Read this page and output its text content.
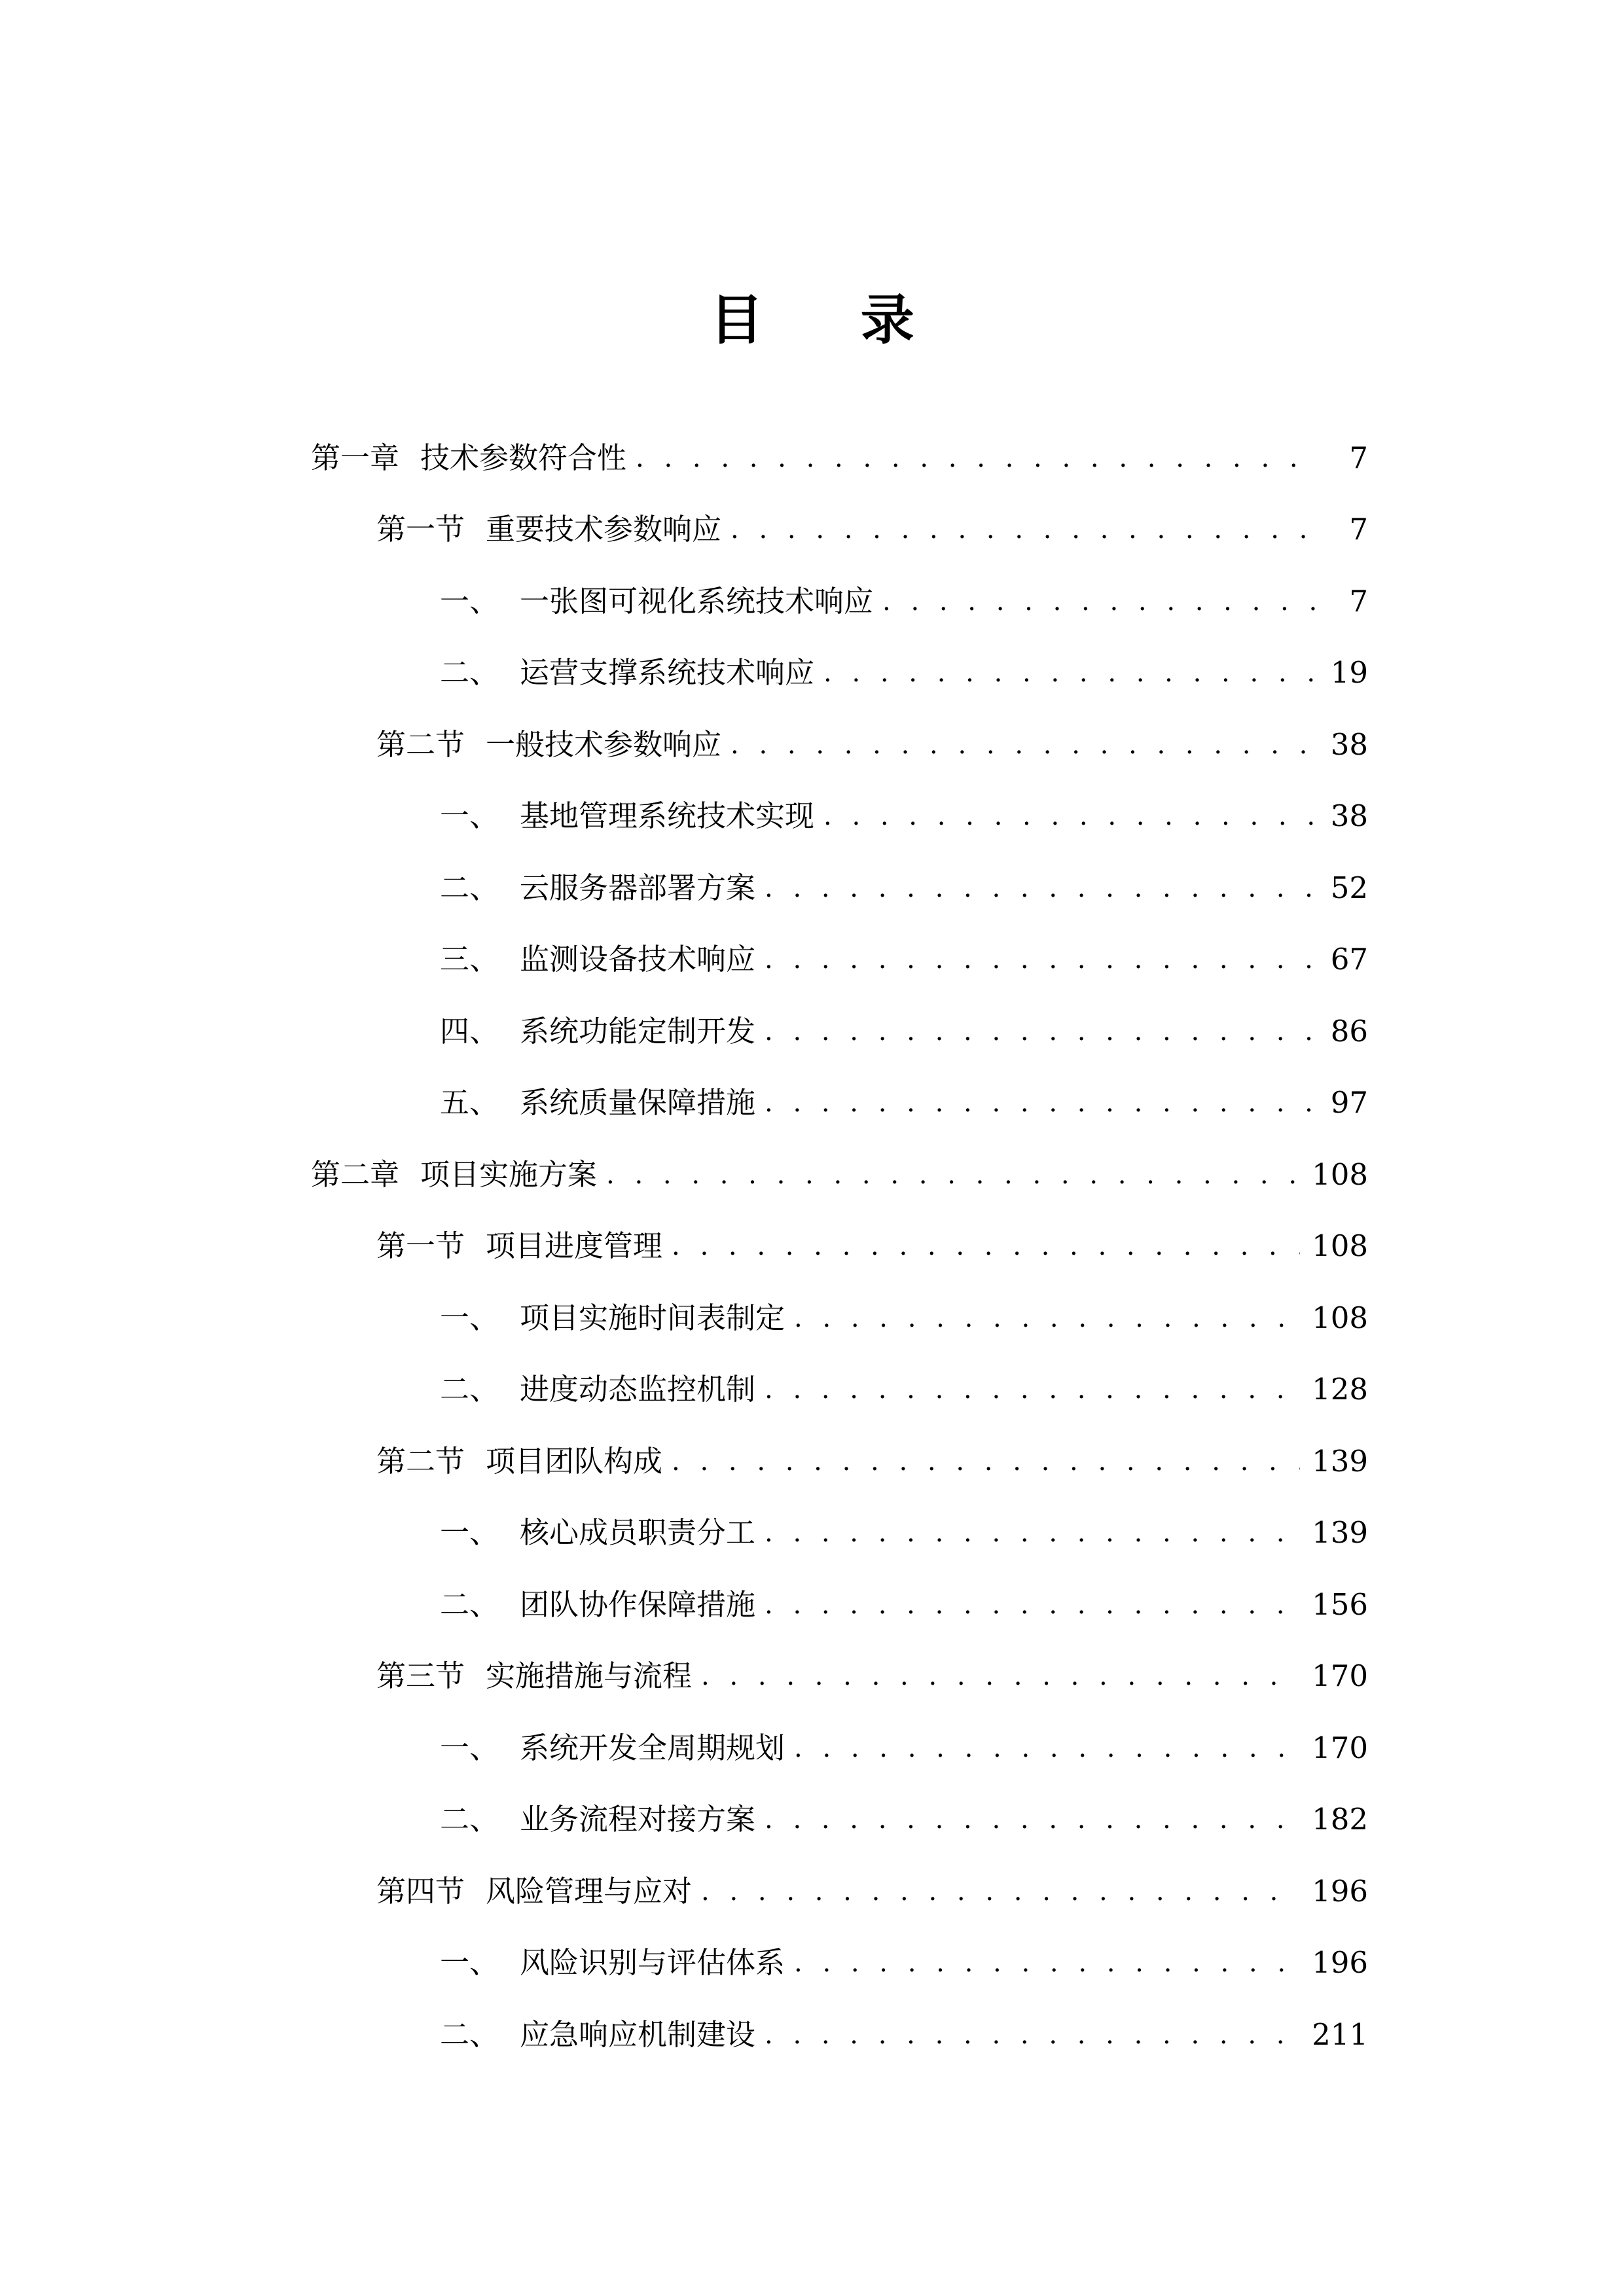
目 录
第一章 技术参数符合性 . . .	7
第一节 重要技术参数响应 . . .	7
一、 一张图可视化系统技术响应 . . .	7
二、 运营支撑系统技术响应 . . .	19
第二节 一般技术参数响应 . . .	38
一、 基地管理系统技术实现 . . .	38
二、 云服务器部署方案 . . .	52
三、 监测设备技术响应 . . .	67
四、 系统功能定制开发 . . .	86
五、 系统质量保障措施 . . .	97
第二章 项目实施方案 . . .	108
第一节 项目进度管理 . . .	108
一、 项目实施时间表制定 . . .	108
二、 进度动态监控机制 . . .	128
第二节 项目团队构成 . . .	139
一、 核心成员职责分工 . . .	139
二、 团队协作保障措施 . . .	156
第三节 实施措施与流程 . . .	170
一、 系统开发全周期规划 . . .	170
二、 业务流程对接方案 . . .	182
第四节 风险管理与应对 . . .	196
一、 风险识别与评估体系 . . .	196
二、 应急响应机制建设 . . .	211
